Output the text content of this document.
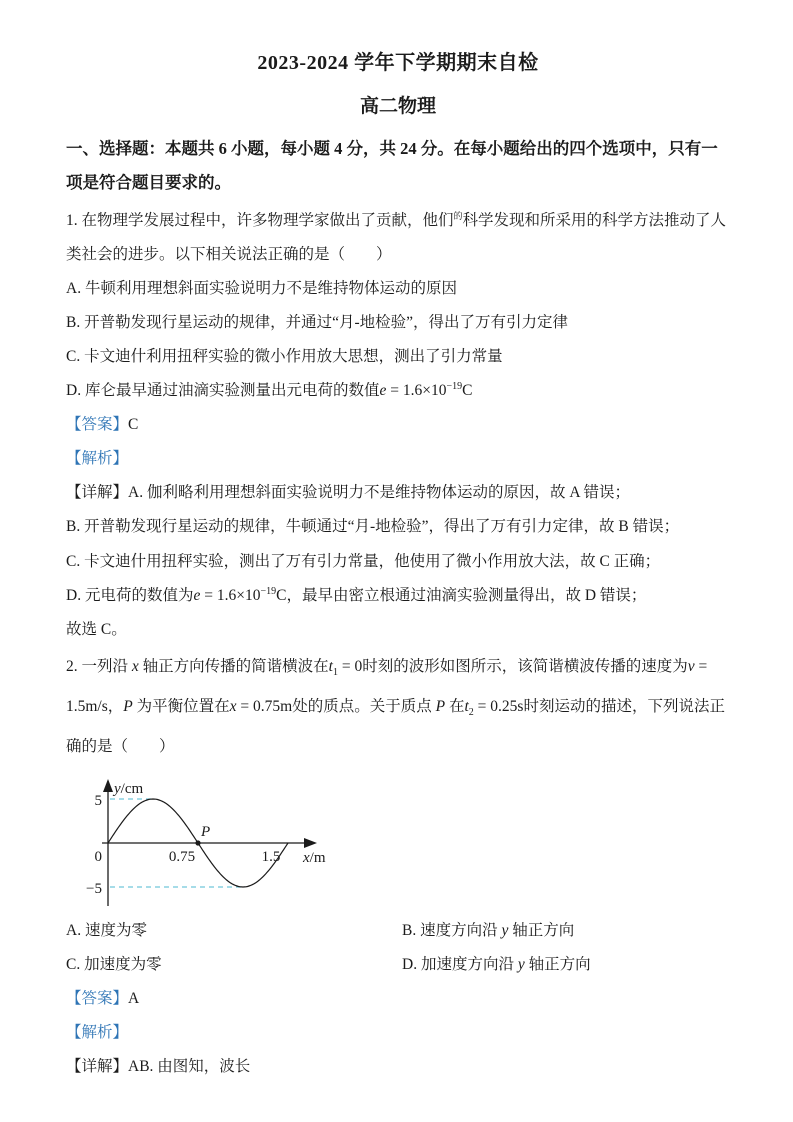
2023-2024 学年下学期期末自检

高二物理

一、选择题：本题共 6 小题，每小题 4 分，共 24 分。在每小题给出的四个选项中，只有一项是符合题目要求的。

1. 在物理学发展过程中，许多物理学家做出了贡献，他们$^的$科学发现和所采用的科学方法推动了人类社会的进步。以下相关说法正确的是（　　）

A. 牛顿利用理想斜面实验说明力不是维持物体运动的原因

B. 开普勒发现行星运动的规律，并通过“月-地检验”，得出了万有引力定律

C. 卡文迪什利用扭秤实验的微小作用放大思想，测出了引力常量

D. 库仑最早通过油滴实验测量出元电荷的数值$e = 1.6\times 10^{-19}C$

【答案】C

【解析】

【详解】A. 伽利略利用理想斜面实验说明力不是维持物体运动的原因，故 A 错误；

B. 开普勒发现行星运动的规律，牛顿通过“月-地检验”，得出了万有引力定律，故 B 错误；

C. 卡文迪什用扭秤实验，测出了万有引力常量，他使用了微小作用放大法，故 C 正确；

D. 元电荷的数值为$e = 1.6\times 10^{-19}C$，最早由密立根通过油滴实验测量得出，故 D 错误；

故选 C。

2. 一列沿 x 轴正方向传播的简谐横波在$t_1 = 0$时刻的波形如图所示，该简谐横波传播的速度为v = 1.5m/s，P 为平衡位置在x = 0.75m处的质点。关于质点 P 在$t_2 = 0.25s$时刻运动的描述，下列说法正确的是（　　）

P
y/cm
5
0
−5
0.75	1.5 x/m
A. 速度为零	B. 速度方向沿 y 轴正方向
C. 加速度为零	D. 加速度方向沿 y 轴正方向

【答案】A

【解析】

【详解】AB. 由图知，波长
